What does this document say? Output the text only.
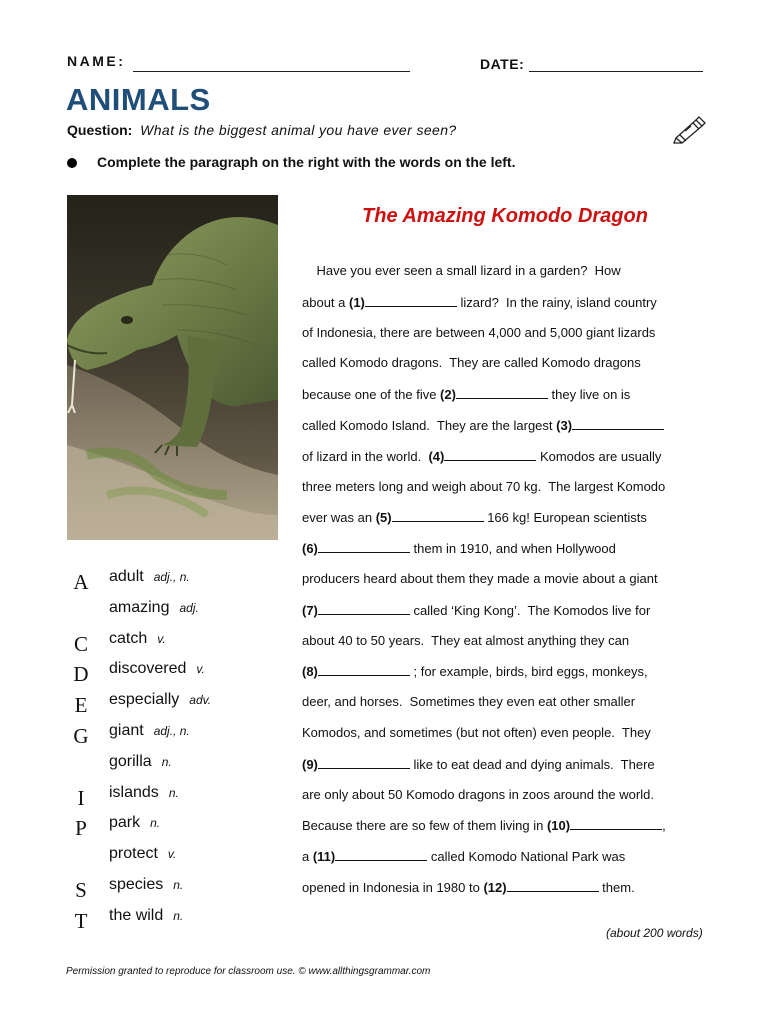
NAME:	DATE:
ANIMALS
Question: What is the biggest animal you have ever seen?
Complete the paragraph on the right with the words on the left.
A adult adj., n.
amazing adj.
C catch v.
D discovered v.
E especially adv.
G giant adj., n.
gorilla n.
I	islands n.
P	park n.
protect v.
S	species n.
T the wild n.
The Amazing Komodo Dragon
Have you ever seen a small lizard in a garden?  How
about a (1)	lizard?  In the rainy, island country
of Indonesia, there are between 4,000 and 5,000 giant lizards
called Komodo dragons.  They are called Komodo dragons
because one of the five (2)	they live on is
called Komodo Island.  They are the largest (3)
of lizard in the world.  (4)	Komodos are usually
three meters long and weigh about 70 kg.  The largest Komodo
ever was an (5)	166 kg! European scientists
(6)	them in 1910, and when Hollywood
producers heard about them they made a movie about a giant
(7)	called ‘King Kong’.  The Komodos live for
about 40 to 50 years.  They eat almost anything they can
(8)	; for example, birds, bird eggs, monkeys,
deer, and horses.  Sometimes they even eat other smaller
Komodos, and sometimes (but not often) even people.  They
(9)	like to eat dead and dying animals.  There
are only about 50 Komodo dragons in zoos around the world.
Because there are so few of them living in (10)	,
a (11)	called Komodo National Park was
opened in Indonesia in 1980 to (12)	them.
(about 200 words)
Permission granted to reproduce for classroom use. © www.allthingsgrammar.com
